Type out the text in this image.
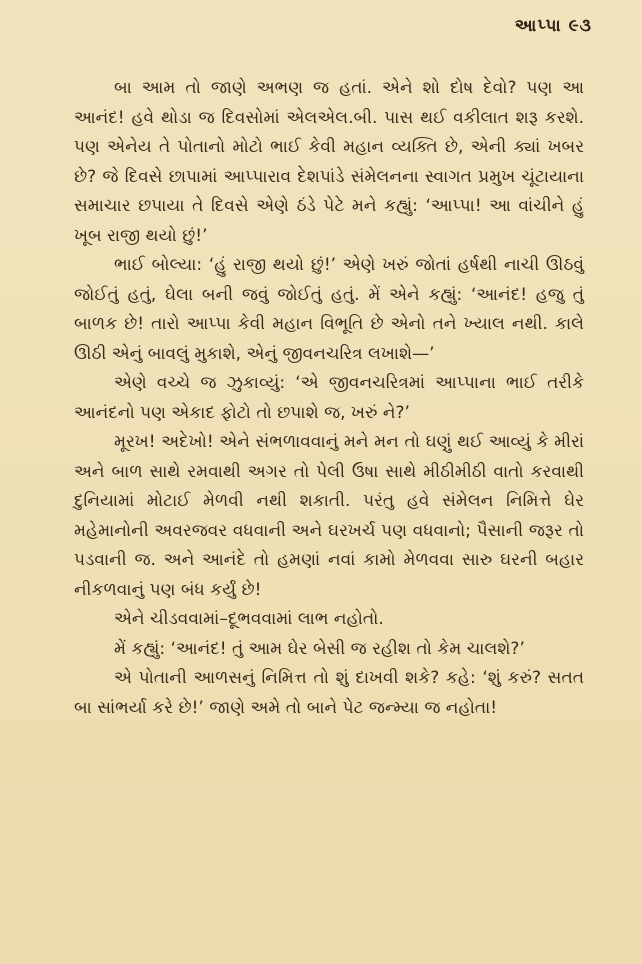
આપ્પા ૯૩

બા આમ તો જાણે અભણ જ હતાં. એને શો દોષ દેવો? પણ આ આનંદ! હવે થોડા જ દિવસોમાં એલએલ.બી. પાસ થઈ વકીલાત શરૂ કરશે. પણ એનેય તે પોતાનો મોટો ભાઈ કેવી મહાન વ્યક્તિ છે, એની ક્યાં ખબર છે? જે દિવસે છાપામાં આપ્પારાવ દેશપાંડે સંમેલનના સ્વાગત પ્રમુખ ચૂંટાયાના સમાચાર છપાયા તે દિવસે એણે ઠંડે પેટે મને કહ્યું: ‘આપ્પા! આ વાંચીને હું ખૂબ રાજી થયો છું!’

ભાઈ બોલ્યા: ‘હું રાજી થયો છું!’ એણે ખરું જોતાં હર્ષથી નાચી ઊઠવું જોઈતું હતું, ઘેલા બની જવું જોઈતું હતું. મેં એને કહ્યું: ‘આનંદ! હજુ તું બાળક છે! તારો આપ્પા કેવી મહાન વિભૂતિ છે એનો તને ખ્યાલ નથી. કાલે ઊઠી એનું બાવલું મુકાશે, એનું જીવનચરિત્ર લખાશે—’

એણે વચ્ચે જ ઝુકાવ્યું: ‘એ જીવનચરિત્રમાં આપ્પાના ભાઈ તરીકે આનંદનો પણ એકાદ ફોટો તો છપાશે જ, ખરું ને?’

મૂરખ! અદેખો! એને સંભળાવવાનું મને મન તો ઘણું થઈ આવ્યું કે મીરાં અને બાળ સાથે રમવાથી અગર તો પેલી ઉષા સાથે મીઠીમીઠી વાતો કરવાથી દુનિયામાં મોટાઈ મેળવી નથી શકાતી. પરંતુ હવે સંમેલન નિમિત્તે ઘેર મહેમાનોની અવરજવર વધવાની અને ઘરખર્ચ પણ વધવાનો; પૈસાની જરૂર તો પડવાની જ. અને આનંદે તો હમણાં નવાં કામો મેળવવા સારુ ઘરની બહાર નીકળવાનું પણ બંધ કર્યું છે!

એને ચીડવવામાં–દૂભવવામાં લાભ નહોતો.

મેં કહ્યું: ‘આનંદ! તું આમ ઘેર બેસી જ રહીશ તો કેમ ચાલશે?’

એ પોતાની આળસનું નિમિત્ત તો શું દાખવી શકે? કહે: ‘શું કરું? સતત બા સાંભર્યા કરે છે!’ જાણે અમે તો બાને પેટ જન્મ્યા જ નહોતા!
